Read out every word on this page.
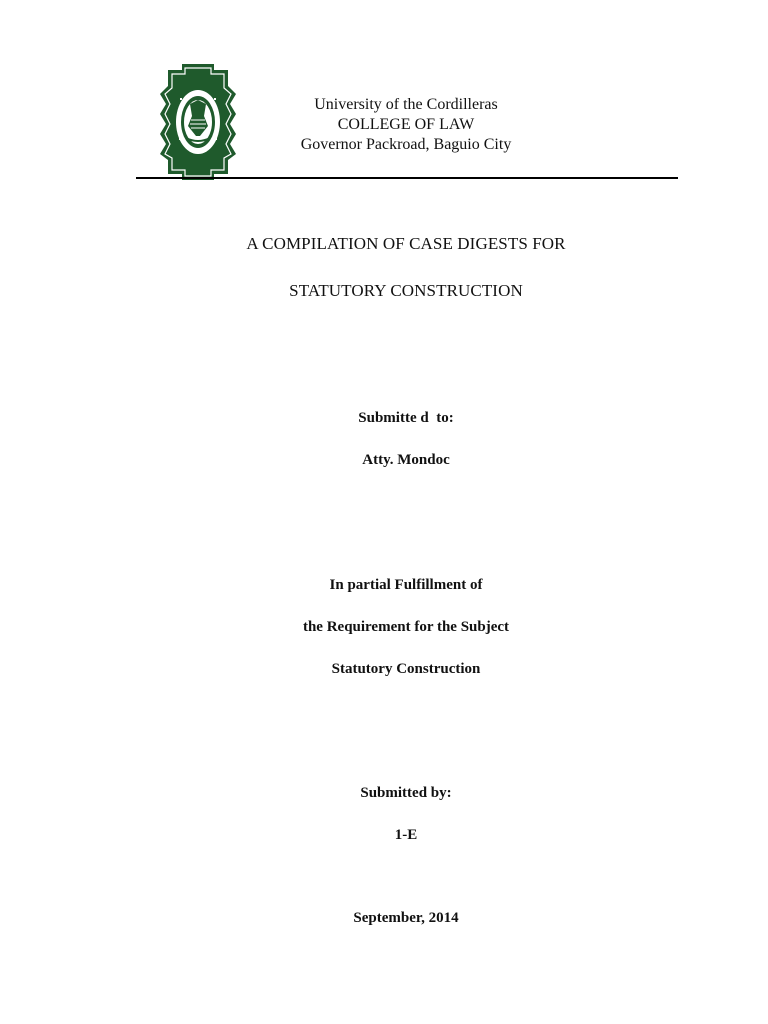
University of the Cordilleras
COLLEGE OF LAW
Governor Packroad, Baguio City
A COMPILATION OF CASE DIGESTS FOR
STATUTORY CONSTRUCTION
Submitte d  to:
Atty. Mondoc
In partial Fulfillment of
the Requirement for the Subject
Statutory Construction
Submitted by:
1-E
September, 2014
